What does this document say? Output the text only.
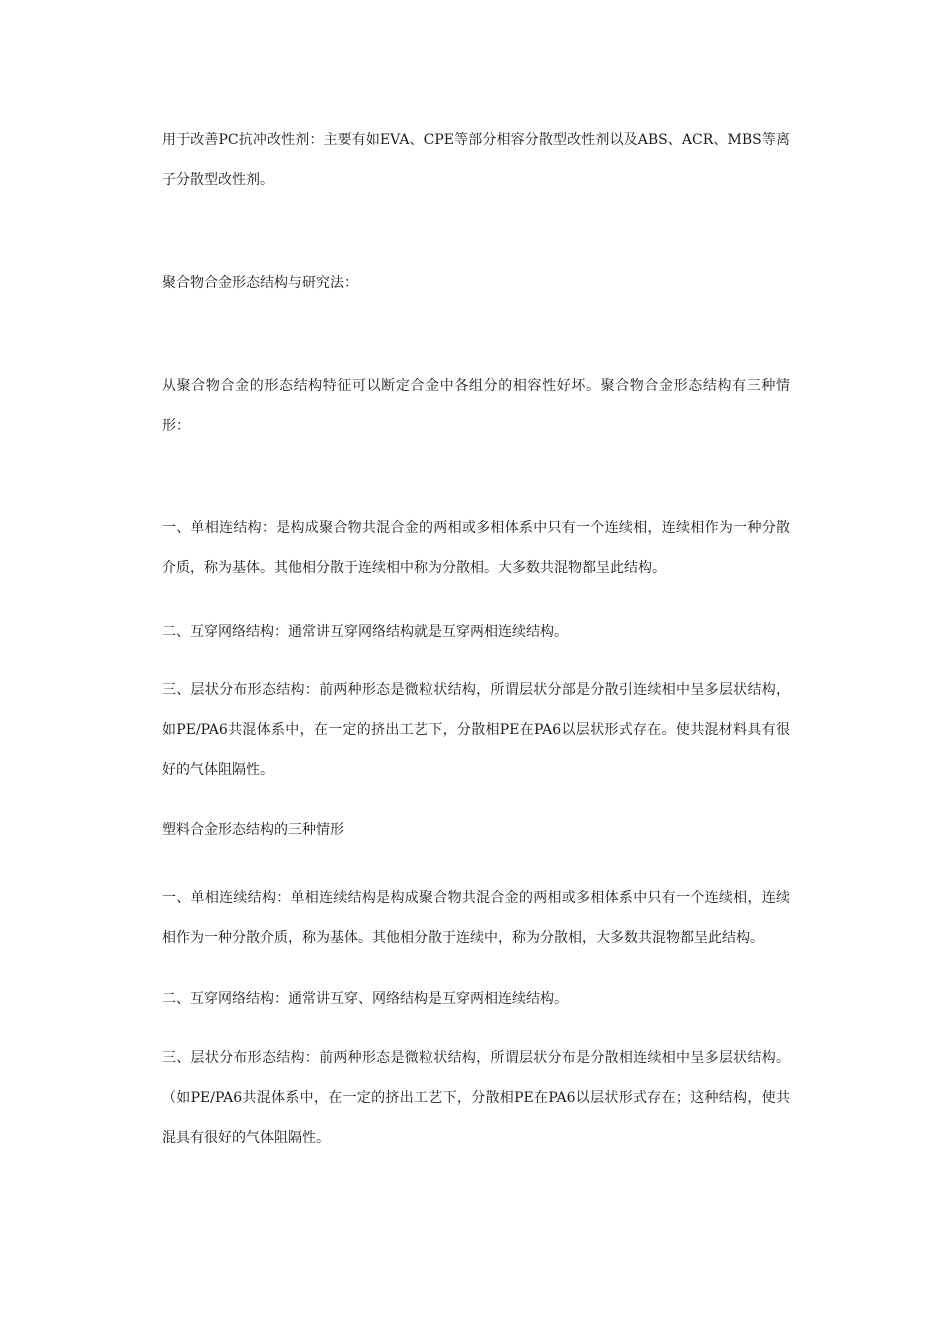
用于改善PC抗冲改性剂：主要有如EVA、CPE等部分相容分散型改性剂以及ABS、ACR、MBS等离子分散型改性剂。

聚合物合金形态结构与研究法：

从聚合物合金的形态结构特征可以断定合金中各组分的相容性好坏。聚合物合金形态结构有三种情形：

一、单相连结构：是构成聚合物共混合金的两相或多相体系中只有一个连续相，连续相作为一种分散介质，称为基体。其他相分散于连续相中称为分散相。大多数共混物都呈此结构。

二、互穿网络结构：通常讲互穿网络结构就是互穿两相连续结构。

三、层状分布形态结构：前两种形态是微粒状结构，所谓层状分部是分散引连续相中呈多层状结构，如PE/PA6共混体系中，在一定的挤出工艺下，分散相PE在PA6以层状形式存在。使共混材料具有很好的气体阻隔性。

塑料合金形态结构的三种情形

一、单相连续结构：单相连续结构是构成聚合物共混合金的两相或多相体系中只有一个连续相，连续相作为一种分散介质，称为基体。其他相分散于连续中，称为分散相，大多数共混物都呈此结构。

二、互穿网络结构：通常讲互穿、网络结构是互穿两相连续结构。

三、层状分布形态结构：前两种形态是微粒状结构，所谓层状分布是分散相连续相中呈多层状结构。（如PE/PA6共混体系中，在一定的挤出工艺下，分散相PE在PA6以层状形式存在；这种结构，使共混具有很好的气体阻隔性。
